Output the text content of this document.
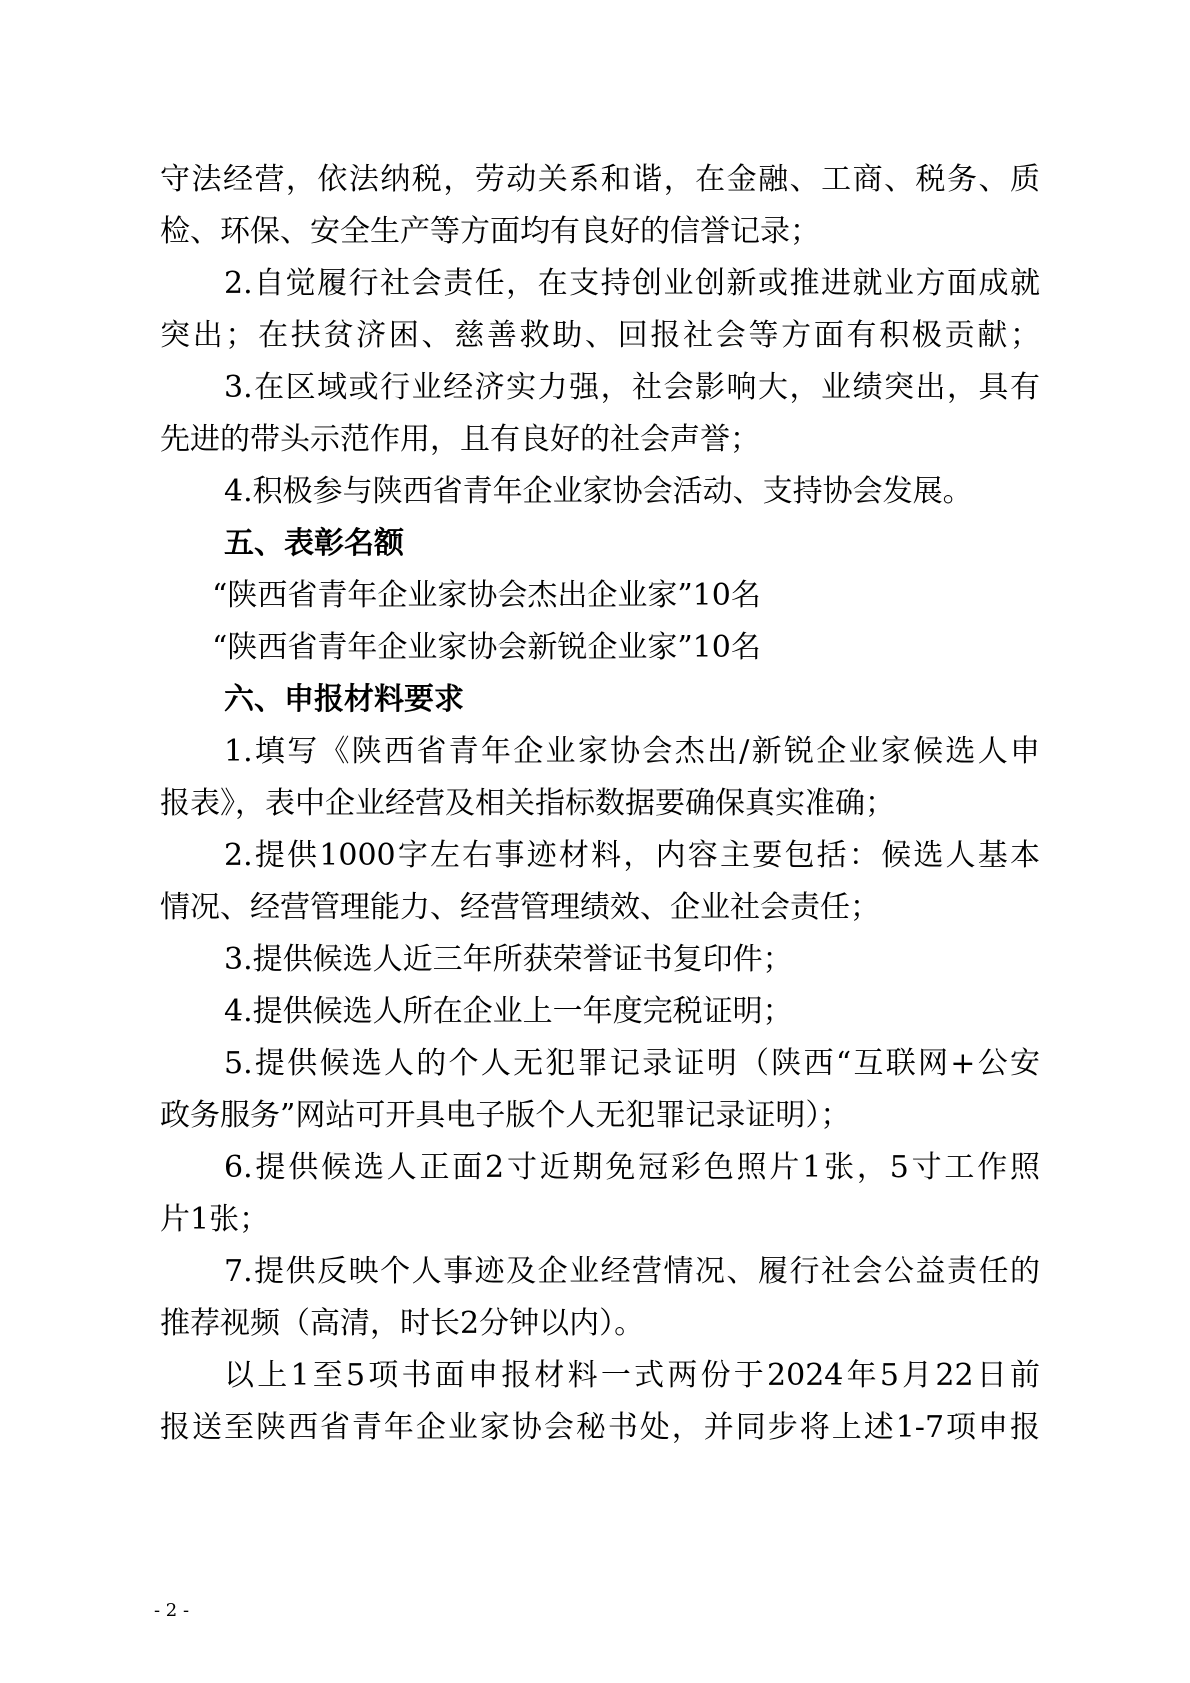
守法经营，依法纳税，劳动关系和谐，在金融、工商、税务、质
检、环保、安全生产等方面均有良好的信誉记录；
2.自觉履行社会责任，在支持创业创新或推进就业方面成就
突出；在扶贫济困、慈善救助、回报社会等方面有积极贡献；
3.在区域或行业经济实力强，社会影响大，业绩突出，具有
先进的带头示范作用，且有良好的社会声誉；
4.积极参与陕西省青年企业家协会活动、支持协会发展。
五、表彰名额
“陕西省青年企业家协会杰出企业家”10名
“陕西省青年企业家协会新锐企业家”10名
六、申报材料要求
1.填写《陕西省青年企业家协会杰出/新锐企业家候选人申
报表》，表中企业经营及相关指标数据要确保真实准确；
2.提供1000字左右事迹材料，内容主要包括：候选人基本
情况、经营管理能力、经营管理绩效、企业社会责任；
3.提供候选人近三年所获荣誉证书复印件；
4.提供候选人所在企业上一年度完税证明；
5.提供候选人的个人无犯罪记录证明（陕西“互联网+公安
政务服务”网站可开具电子版个人无犯罪记录证明）；
6.提供候选人正面2寸近期免冠彩色照片1张，5寸工作照
片1张；
7.提供反映个人事迹及企业经营情况、履行社会公益责任的
推荐视频（高清，时长2分钟以内）。
以上1至5项书面申报材料一式两份于2024年5月22日前
报送至陕西省青年企业家协会秘书处，并同步将上述1-7项申报
- 2 -
